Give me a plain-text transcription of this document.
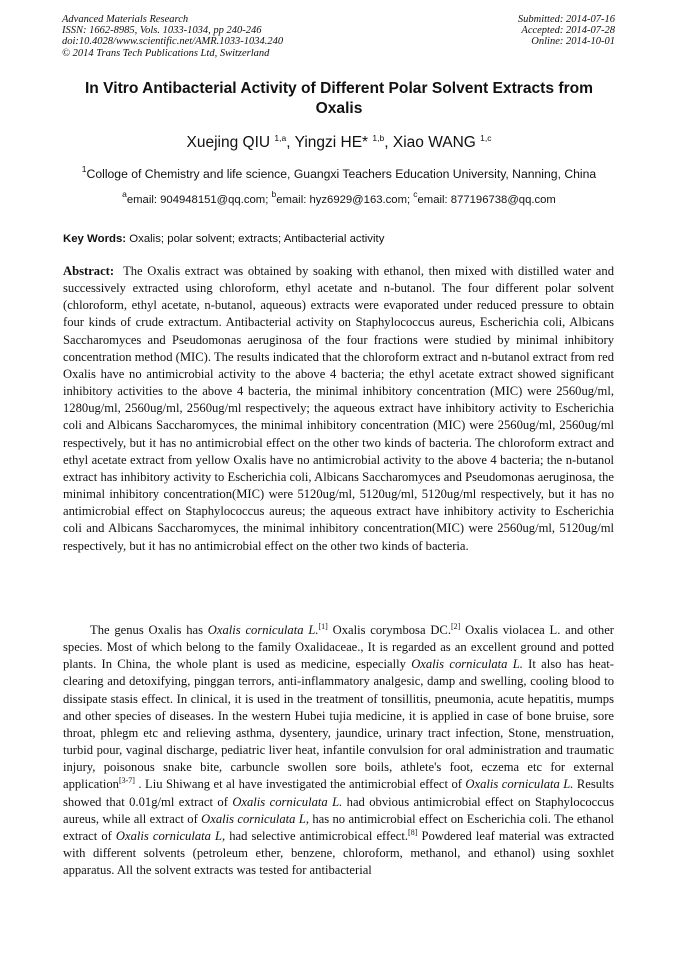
Advanced Materials Research
ISSN: 1662-8985, Vols. 1033-1034, pp 240-246
doi:10.4028/www.scientific.net/AMR.1033-1034.240
© 2014 Trans Tech Publications Ltd, Switzerland
Submitted: 2014-07-16
Accepted: 2014-07-28
Online: 2014-10-01
In Vitro Antibacterial Activity of Different Polar Solvent Extracts from Oxalis
Xuejing QIU $^{1,a}$, Yingzi HE* $^{1,b}$, Xiao WANG $^{1,c}$
$^1$Colloge of Chemistry and life science, Guangxi Teachers Education University, Nanning, China
$^a$email: 904948151@qq.com; $^b$email: hyz6929@163.com; $^c$email: 877196738@qq.com
Key Words: Oxalis; polar solvent; extracts; Antibacterial activity
Abstract:  The Oxalis extract was obtained by soaking with ethanol, then mixed with distilled water and successively extracted using chloroform, ethyl acetate and n-butanol. The four different polar solvent (chloroform, ethyl acetate, n-butanol, aqueous) extracts were evaporated under reduced pressure to obtain four kinds of crude extractum. Antibacterial activity on Staphylococcus aureus, Escherichia coli, Albicans Saccharomyces and Pseudomonas aeruginosa of the four fractions were studied by minimal inhibitory concentration method (MIC). The results indicated that the chloroform extract and n-butanol extract from red Oxalis have no antimicrobial activity to the above 4 bacteria; the ethyl acetate extract showed significant inhibitory activities to the above 4 bacteria, the minimal inhibitory concentration (MIC) were 2560ug/ml, 1280ug/ml, 2560ug/ml, 2560ug/ml respectively; the aqueous extract have inhibitory activity to Escherichia coli and Albicans Saccharomyces, the minimal inhibitory concentration (MIC) were 2560ug/ml, 2560ug/ml respectively, but it has no antimicrobial effect on the other two kinds of bacteria. The chloroform extract and ethyl acetate extract from yellow Oxalis have no antimicrobial activity to the above 4 bacteria; the n-butanol extract has inhibitory activity to Escherichia coli, Albicans Saccharomyces and Pseudomonas aeruginosa, the minimal inhibitory concentration(MIC) were 5120ug/ml, 5120ug/ml, 5120ug/ml respectively, but it has no antimicrobial effect on Staphylococcus aureus; the aqueous extract have inhibitory activity to Escherichia coli and Albicans Saccharomyces, the minimal inhibitory concentration(MIC) were 2560ug/ml, 5120ug/ml respectively, but it has no antimicrobial effect on the other two kinds of bacteria.
The genus Oxalis has Oxalis corniculata L.[1] Oxalis corymbosa DC.[2] Oxalis violacea L. and other species. Most of which belong to the family Oxalidaceae., It is regarded as an excellent ground and potted plants. In China, the whole plant is used as medicine, especially Oxalis corniculata L. It also has heat-clearing and detoxifying, pinggan terrors, anti-inflammatory analgesic, damp and swelling, cooling blood to dissipate stasis effect. In clinical, it is used in the treatment of tonsillitis, pneumonia, acute hepatitis, mumps and other species of diseases. In the western Hubei tujia medicine, it is applied in case of bone bruise, sore throat, phlegm etc and relieving asthma, dysentery, jaundice, urinary tract infection, Stone, menstruation, turbid pour, vaginal discharge, pediatric liver heat, infantile convulsion for oral administration and traumatic injury, poisonous snake bite, carbuncle swollen sore boils, athlete's foot, eczema etc for external application[3-7] . Liu Shiwang et al have investigated the antimicrobial effect of Oxalis corniculata L. Results showed that 0.01g/ml extract of Oxalis corniculata L. had obvious antimicrobial effect on Staphylococcus aureus, while all extract of Oxalis corniculata L, has no antimicrobial effect on Escherichia coli. The ethanol extract of Oxalis corniculata L, had selective antimicrobical effect.[8] Powdered leaf material was extracted with different solvents (petroleum ether, benzene, chloroform, methanol, and ethanol) using soxhlet apparatus. All the solvent extracts was tested for antibacterial
